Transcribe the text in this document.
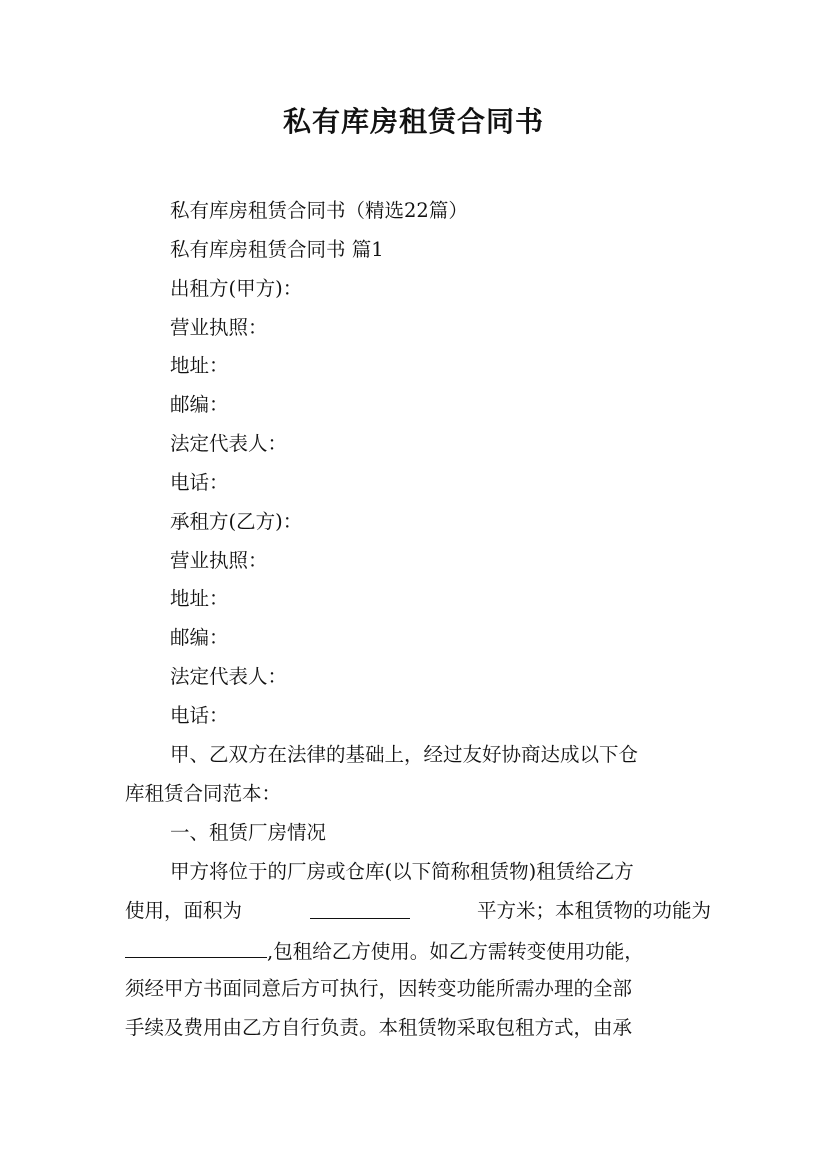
私有库房租赁合同书
私有库房租赁合同书（精选22篇）
私有库房租赁合同书 篇1
出租方(甲方)：
营业执照：
地址：
邮编：
法定代表人：
电话：
承租方(乙方)：
营业执照：
地址：
邮编：
法定代表人：
电话：
甲、乙双方在法律的基础上，经过友好协商达成以下仓
库租赁合同范本：
一、租赁厂房情况
甲方将位于的厂房或仓库(以下简称租赁物)租赁给乙方
使用，面积为	平方米；本租赁物的功能为
,包租给乙方使用。如乙方需转变使用功能，
须经甲方书面同意后方可执行，因转变功能所需办理的全部
手续及费用由乙方自行负责。本租赁物采取包租方式，由承
